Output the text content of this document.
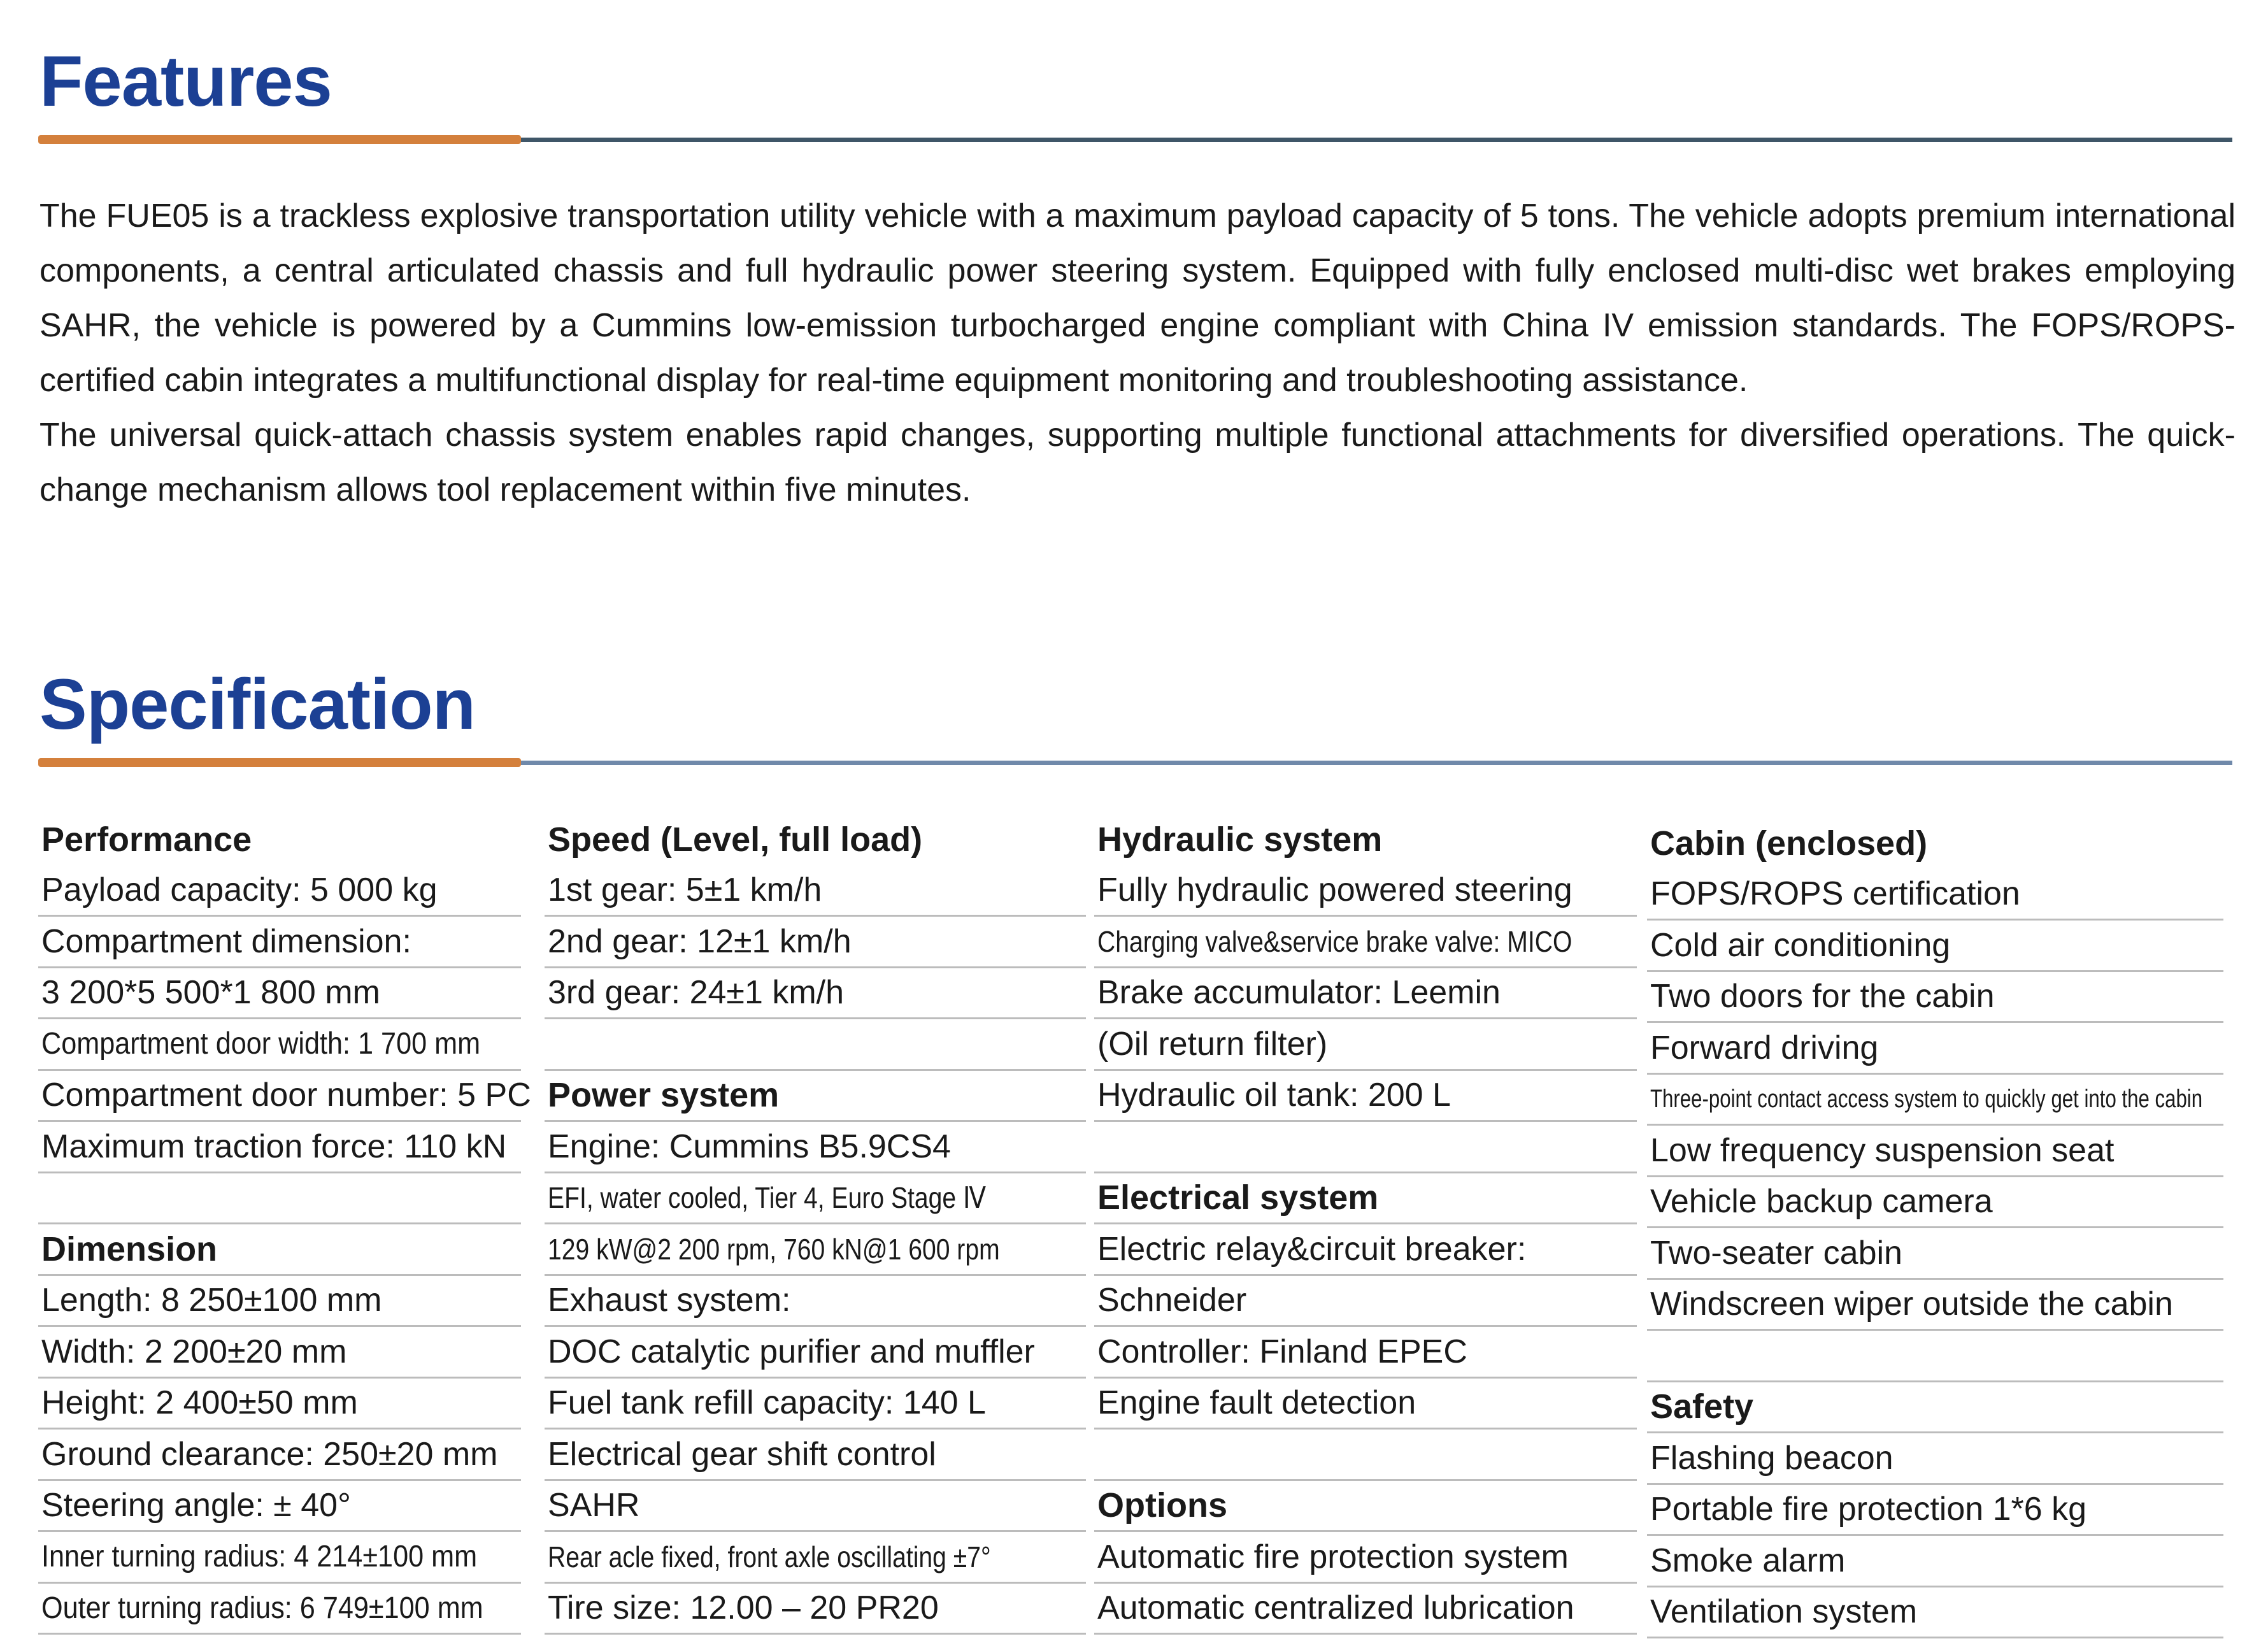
Features

The FUE05 is a trackless explosive transportation utility vehicle with a maximum payload capacity of 5 tons. The vehicle adopts premium international components, a central articulated chassis and full hydraulic power steering system. Equipped with fully enclosed multi-disc wet brakes employing SAHR, the vehicle is powered by a Cummins low-emission turbocharged engine compliant with China IV emission standards. The FOPS/ROPS-certified cabin integrates a multifunctional display for real-time equipment monitoring and troubleshooting assistance.

The universal quick-attach chassis system enables rapid changes, supporting multiple functional attachments for diversified operations. The quick-change mechanism allows tool replacement within five minutes.

Specification
Performance
Payload capacity: 5 000 kg
Compartment dimension:
3 200*5 500*1 800 mm
Compartment door width: 1 700 mm
Compartment door number: 5 PC
Maximum traction force: 110 kN
Dimension
Length: 8 250±100 mm
Width: 2 200±20 mm
Height: 2 400±50 mm
Ground clearance: 250±20 mm
Steering angle: ± 40°
Inner turning radius: 4 214±100 mm
Outer turning radius: 6 749±100 mm
Speed (Level, full load)
1st gear: 5±1 km/h
2nd gear: 12±1 km/h
3rd gear: 24±1 km/h
Power system
Engine: Cummins B5.9CS4
EFI, water cooled, Tier 4, Euro Stage Ⅳ
129 kW@2 200 rpm, 760 kN@1 600 rpm
Exhaust system:
DOC catalytic purifier and muffler
Fuel tank refill capacity: 140 L
Electrical gear shift control
SAHR
Rear acle fixed, front axle oscillating ±7°
Tire size: 12.00 – 20 PR20
Hydraulic system
Fully hydraulic powered steering
Charging valve&service brake valve: MICO
Brake accumulator: Leemin
(Oil return filter)
Hydraulic oil tank: 200 L
Electrical system
Electric relay&circuit breaker:
Schneider
Controller: Finland EPEC
Engine fault detection
Options
Automatic fire protection system
Automatic centralized lubrication
Cabin (enclosed)
FOPS/ROPS certification
Cold air conditioning
Two doors for the cabin
Forward driving
Three-point contact access system to quickly get into the cabin
Low frequency suspension seat
Vehicle backup camera
Two-seater cabin
Windscreen wiper outside the cabin
Safety
Flashing beacon
Portable fire protection 1*6 kg
Smoke alarm
Ventilation system
